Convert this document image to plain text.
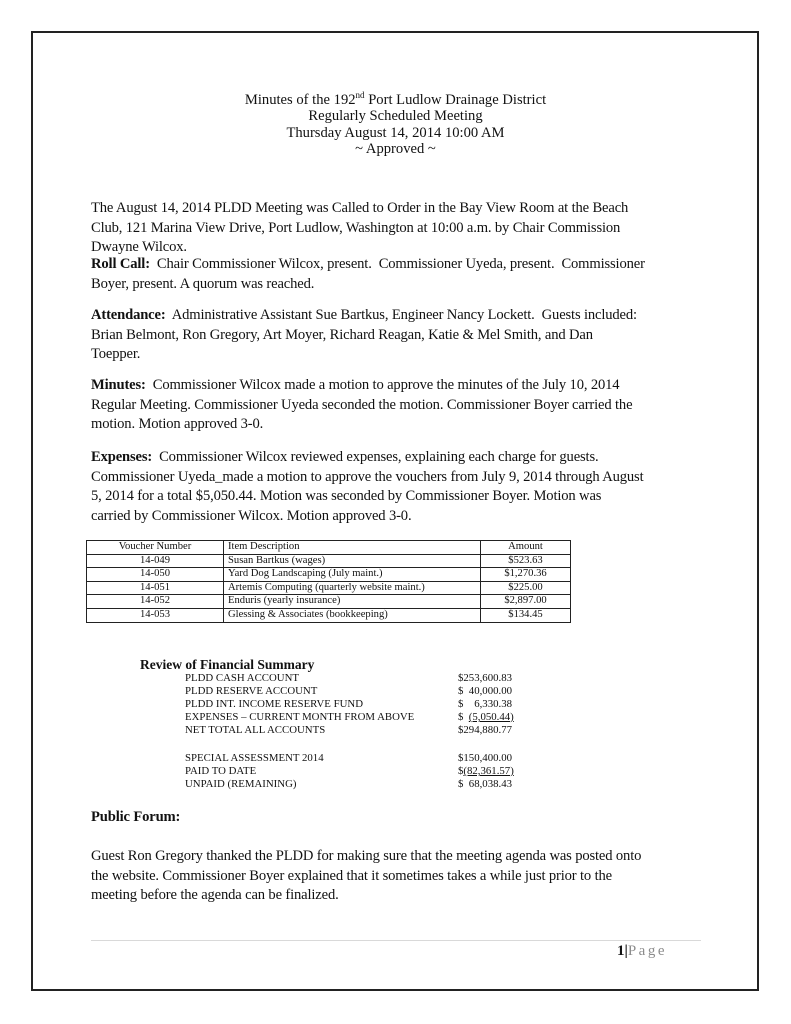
Minutes of the 192nd Port Ludlow Drainage District
Regularly Scheduled Meeting
Thursday August 14, 2014 10:00 AM
~ Approved ~
The August 14, 2014 PLDD Meeting was Called to Order in the Bay View Room at the Beach
Club, 121 Marina View Drive, Port Ludlow, Washington at 10:00 a.m. by Chair Commission
Dwayne Wilcox.
Roll Call:  Chair Commissioner Wilcox, present.  Commissioner Uyeda, present.  Commissioner
Boyer, present. A quorum was reached.
Attendance:  Administrative Assistant Sue Bartkus, Engineer Nancy Lockett.  Guests included:
Brian Belmont, Ron Gregory, Art Moyer, Richard Reagan, Katie & Mel Smith, and Dan
Toepper.
Minutes:  Commissioner Wilcox made a motion to approve the minutes of the July 10, 2014
Regular Meeting. Commissioner Uyeda seconded the motion. Commissioner Boyer carried the
motion. Motion approved 3-0.
Expenses:  Commissioner Wilcox reviewed expenses, explaining each charge for guests.
Commissioner Uyeda_made a motion to approve the vouchers from July 9, 2014 through August
5, 2014 for a total $5,050.44. Motion was seconded by Commissioner Boyer. Motion was
carried by Commissioner Wilcox. Motion approved 3-0.
Voucher Number	Item Description	Amount
14-049	Susan Bartkus (wages)	$523.63
14-050	Yard Dog Landscaping (July maint.)	$1,270.36
14-051	Artemis Computing (quarterly website maint.)	$225.00
14-052	Enduris (yearly insurance)	$2,897.00
14-053	Glessing & Associates (bookkeeping)	$134.45
Review of Financial Summary
PLDD CASH ACCOUNT	$253,600.83
PLDD RESERVE ACCOUNT	$  40,000.00
PLDD INT. INCOME RESERVE FUND	$    6,330.38
EXPENSES – CURRENT MONTH FROM ABOVE	$  (5,050.44)
NET TOTAL ALL ACCOUNTS	$294,880.77
SPECIAL ASSESSMENT 2014	$150,400.00
PAID TO DATE	$(82,361.57)
UNPAID (REMAINING)	$  68,038.43
Public Forum:
Guest Ron Gregory thanked the PLDD for making sure that the meeting agenda was posted onto
the website. Commissioner Boyer explained that it sometimes takes a while just prior to the
meeting before the agenda can be finalized.
1|Page
